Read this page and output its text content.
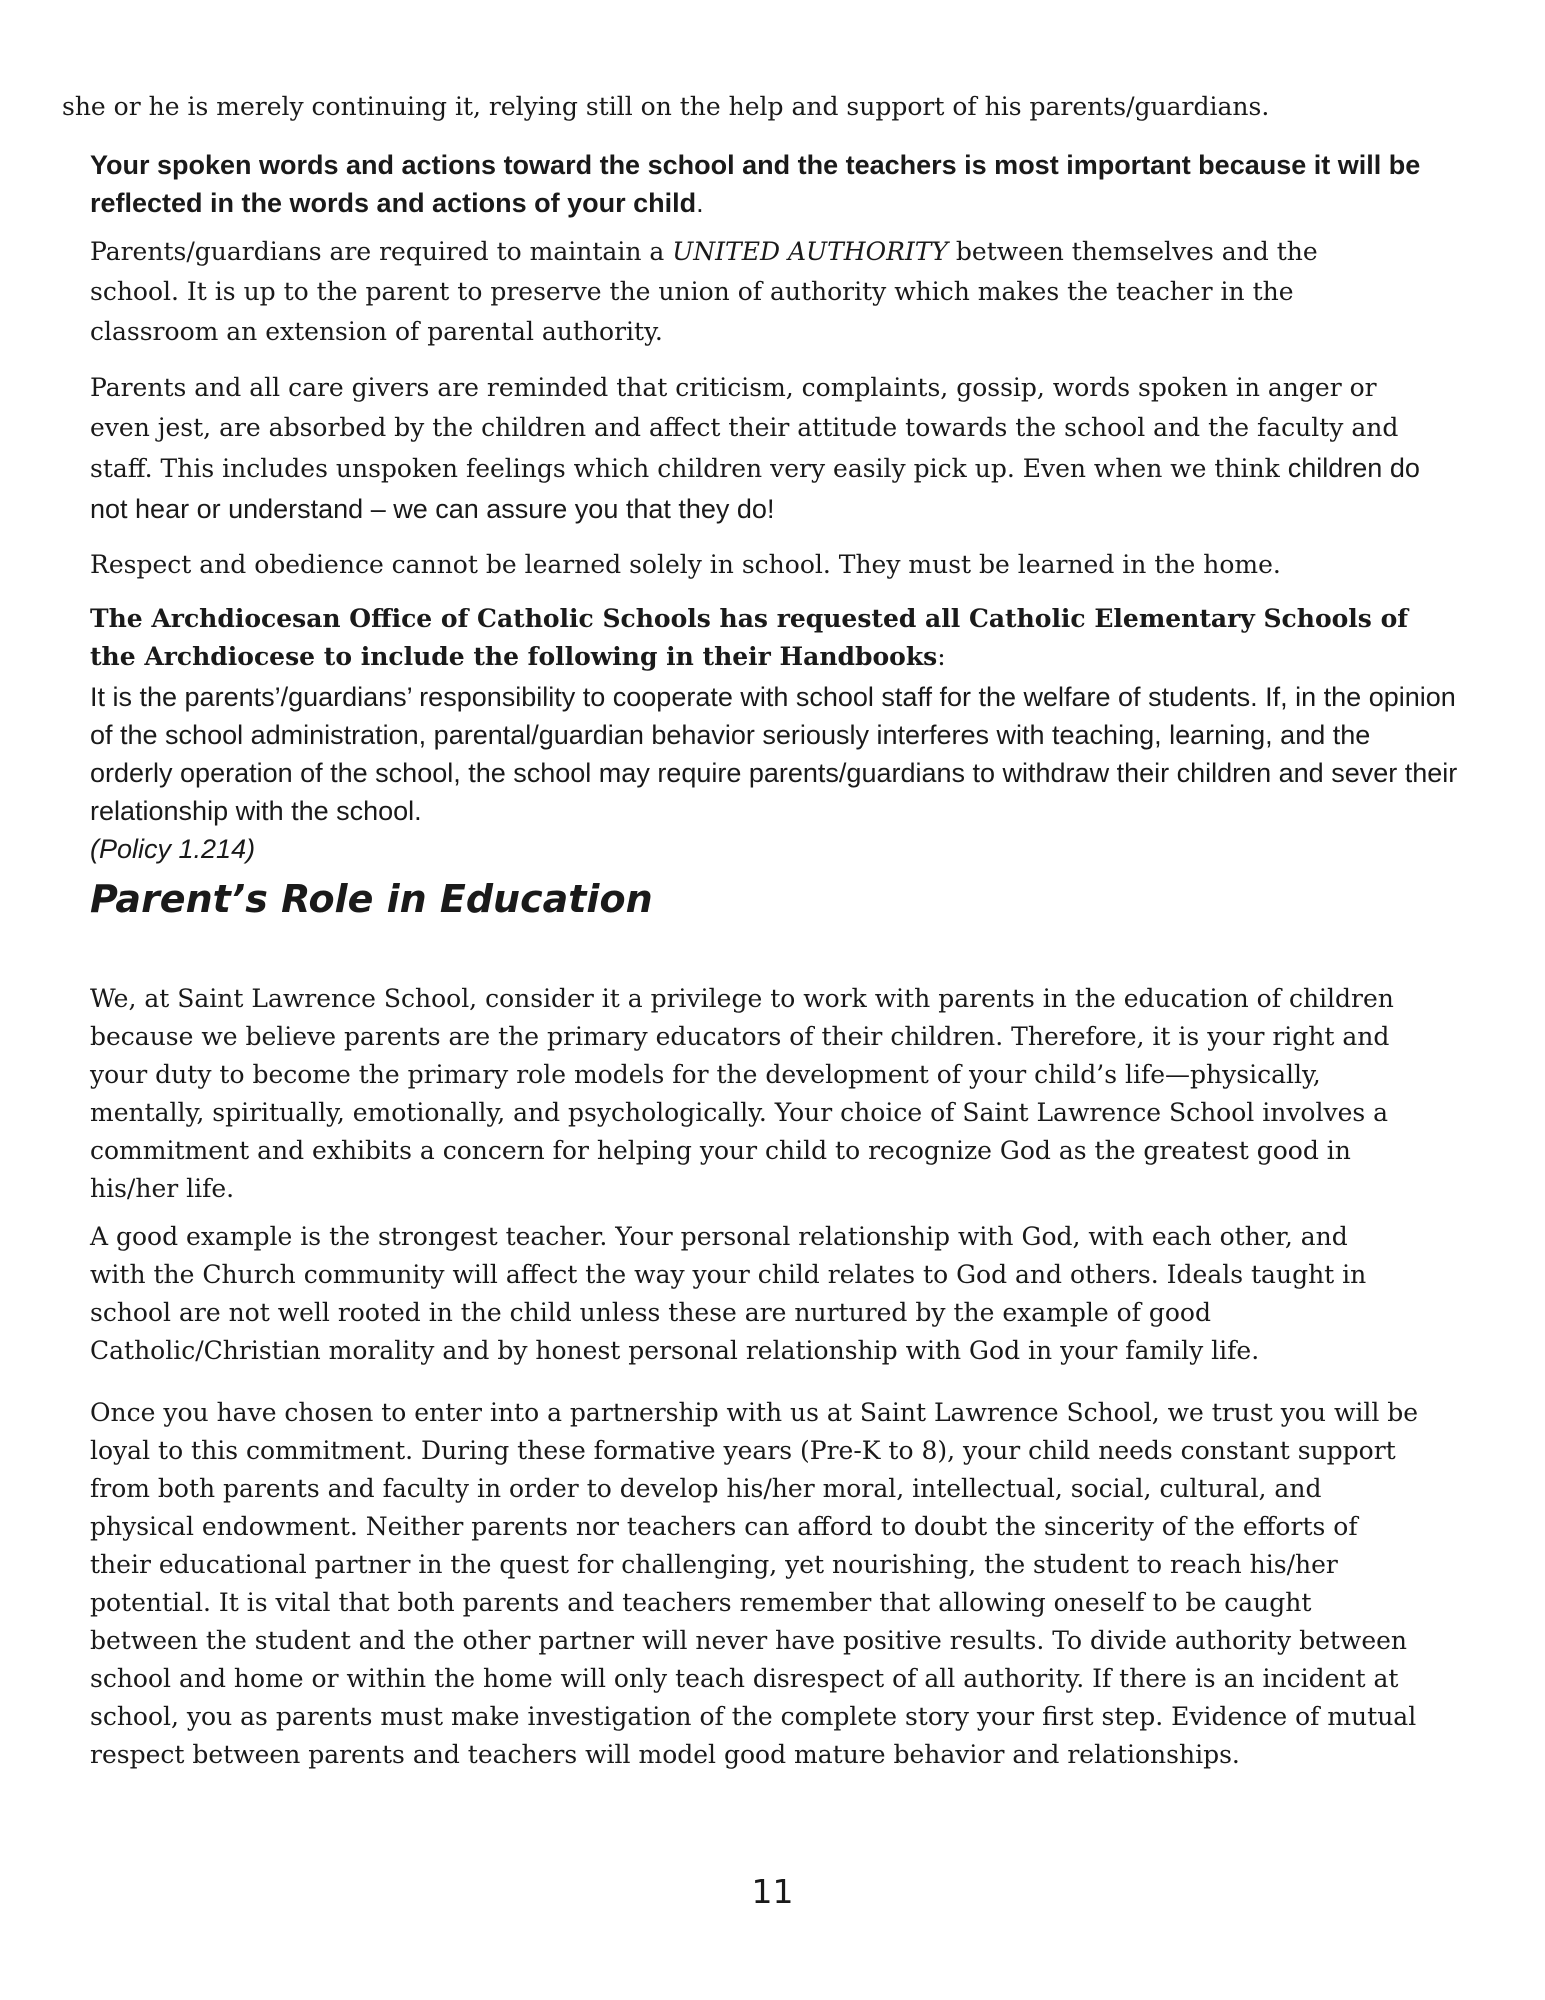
she or he is merely continuing it, relying still on the help and support of his parents/guardians.

Your spoken words and actions toward the school and the teachers is most important because it will be reflected in the words and actions of your child.

Parents/guardians are required to maintain a UNITED AUTHORITY between themselves and the school. It is up to the parent to preserve the union of authority which makes the teacher in the classroom an extension of parental authority.

Parents and all care givers are reminded that criticism, complaints, gossip, words spoken in anger or even jest, are absorbed by the children and affect their attitude towards the school and the faculty and staff. This includes unspoken feelings which children very easily pick up. Even when we think children do not hear or understand – we can assure you that they do!

Respect and obedience cannot be learned solely in school. They must be learned in the home.

The Archdiocesan Office of Catholic Schools has requested all Catholic Elementary Schools of the Archdiocese to include the following in their Handbooks:

It is the parents’/guardians’ responsibility to cooperate with school staff for the welfare of students. If, in the opinion of the school administration, parental/guardian behavior seriously interferes with teaching, learning, and the orderly operation of the school, the school may require parents/guardians to withdraw their children and sever their relationship with the school.

(Policy 1.214)

Parent’s Role in Education

We, at Saint Lawrence School, consider it a privilege to work with parents in the education of children because we believe parents are the primary educators of their children. Therefore, it is your right and your duty to become the primary role models for the development of your child’s life—physically, mentally, spiritually, emotionally, and psychologically. Your choice of Saint Lawrence School involves a commitment and exhibits a concern for helping your child to recognize God as the greatest good in his/her life.

A good example is the strongest teacher. Your personal relationship with God, with each other, and with the Church community will affect the way your child relates to God and others. Ideals taught in school are not well rooted in the child unless these are nurtured by the example of good Catholic/Christian morality and by honest personal relationship with God in your family life.

Once you have chosen to enter into a partnership with us at Saint Lawrence School, we trust you will be loyal to this commitment. During these formative years (Pre-K to 8), your child needs constant support from both parents and faculty in order to develop his/her moral, intellectual, social, cultural, and physical endowment. Neither parents nor teachers can afford to doubt the sincerity of the efforts of their educational partner in the quest for challenging, yet nourishing, the student to reach his/her potential. It is vital that both parents and teachers remember that allowing oneself to be caught between the student and the other partner will never have positive results. To divide authority between school and home or within the home will only teach disrespect of all authority. If there is an incident at school, you as parents must make investigation of the complete story your first step. Evidence of mutual respect between parents and teachers will model good mature behavior and relationships.

11
